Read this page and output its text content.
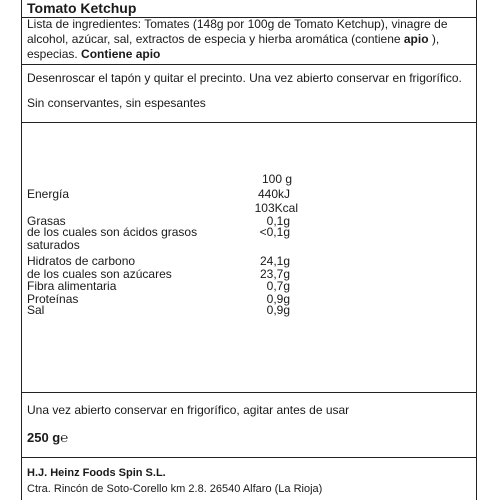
Tomato Ketchup
Lista de ingredientes: Tomates (148g por 100g de Tomato Ketchup), vinagre de
alcohol, azúcar, sal, extractos de especia y hierba aromática (contiene apio ),
especias. Contiene apio
Desenroscar el tapón y quitar el precinto. Una vez abierto conservar en frigorífico.
Sin conservantes, sin espesantes
100 g
Energía	440kJ
103Kcal
Grasas	0,1g
de los cuales son ácidos grasos	<0,1g
saturados
Hidratos de carbono	24,1g
de los cuales son azúcares	23,7g
Fibra alimentaria	0,7g
Proteínas	0,9g
Sal	0,9g
Una vez abierto conservar en frigorífico, agitar antes de usar
250 g℮
H.J. Heinz Foods Spin S.L.
Ctra. Rincón de Soto-Corello km 2.8. 26540 Alfaro (La Rioja)
